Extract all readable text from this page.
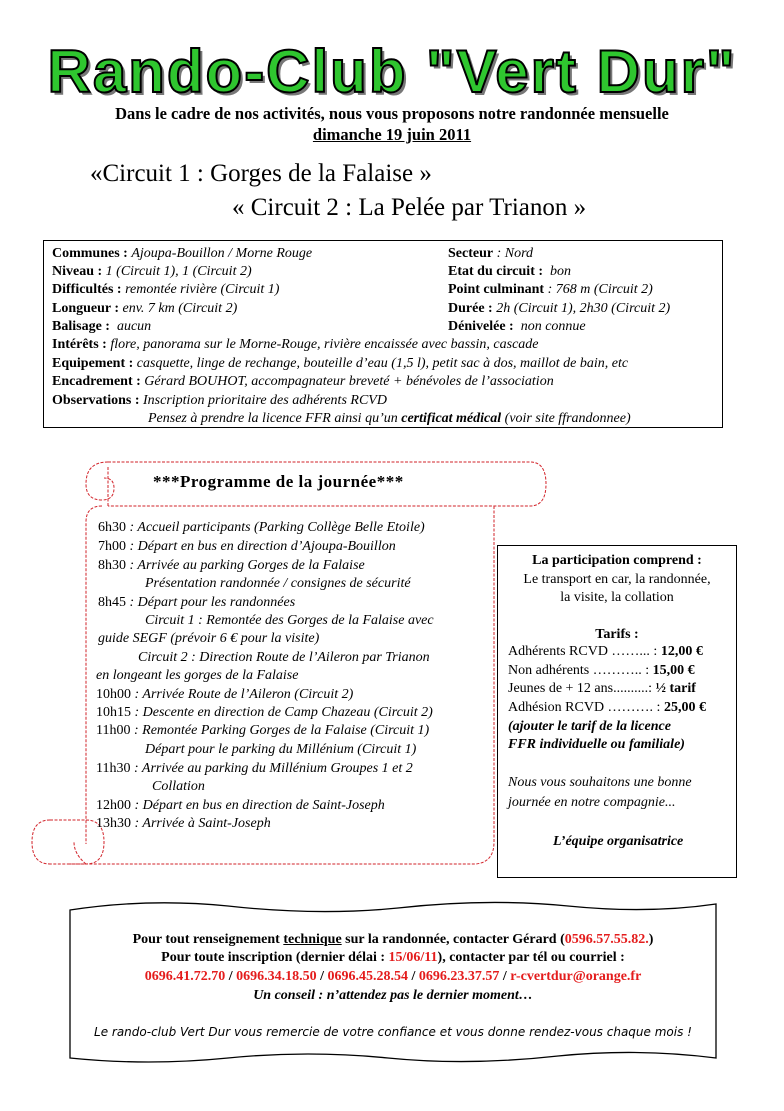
Rando-Club "Vert Dur"
Dans le cadre de nos activités, nous vous proposons notre randonnée mensuelle
dimanche 19 juin 2011
«Circuit 1 : Gorges de la Falaise »
« Circuit 2 : La Pelée par Trianon »
Communes : Ajoupa-Bouillon / Morne Rouge	Secteur : Nord
Niveau : 1 (Circuit 1), 1 (Circuit 2)	Etat du circuit : bon
Difficultés : remontée rivière (Circuit 1)	Point culminant : 768 m (Circuit 2)
Longueur : env. 7 km (Circuit 2)	Durée : 2h (Circuit 1), 2h30 (Circuit 2)
Balisage : aucun	Dénivelée : non connue
Intérêts : flore, panorama sur le Morne-Rouge, rivière encaissée avec bassin, cascade
Equipement : casquette, linge de rechange, bouteille d’eau (1,5 l), petit sac à dos, maillot de bain, etc
Encadrement : Gérard BOUHOT, accompagnateur breveté + bénévoles de l’association
Observations : Inscription prioritaire des adhérents RCVD
Pensez à prendre la licence FFR ainsi qu’un certificat médical (voir site ffrandonnee)
***Programme de la journée***
6h30 : Accueil participants (Parking Collège Belle Etoile)
7h00 : Départ en bus en direction d’Ajoupa-Bouillon
8h30 : Arrivée au parking Gorges de la Falaise
Présentation randonnée / consignes de sécurité
8h45 : Départ pour les randonnées
Circuit 1 : Remontée des Gorges de la Falaise avec
guide SEGF (prévoir 6 € pour la visite)
Circuit 2 : Direction Route de l’Aileron par Trianon
en longeant les gorges de la Falaise
10h00 : Arrivée Route de l’Aileron (Circuit 2)
10h15 : Descente en direction de Camp Chazeau (Circuit 2)
11h00 : Remontée Parking Gorges de la Falaise (Circuit 1)
Départ pour le parking du Millénium (Circuit 1)
11h30 : Arrivée au parking du Millénium Groupes 1 et 2
Collation
12h00 : Départ en bus en direction de Saint-Joseph
13h30 : Arrivée à Saint-Joseph
La participation comprend :
Le transport en car, la randonnée,
la visite, la collation
Tarifs :
Adhérents RCVD ……... : 12,00 €
Non adhérents ……….. : 15,00 €
Jeunes de + 12 ans..........: ½ tarif
Adhésion RCVD ………. : 25,00 €
(ajouter le tarif de la licence
FFR individuelle ou familiale)
Nous vous souhaitons une bonne
journée en notre compagnie...
L’équipe organisatrice
Pour tout renseignement technique sur la randonnée, contacter Gérard (0596.57.55.82.)
Pour toute inscription (dernier délai : 15/06/11), contacter par tél ou courriel :
0696.41.72.70 / 0696.34.18.50 / 0696.45.28.54 / 0696.23.37.57 / r-cvertdur@orange.fr
Un conseil : n’attendez pas le dernier moment…
Le rando-club Vert Dur vous remercie de votre confiance et vous donne rendez-vous chaque mois !
